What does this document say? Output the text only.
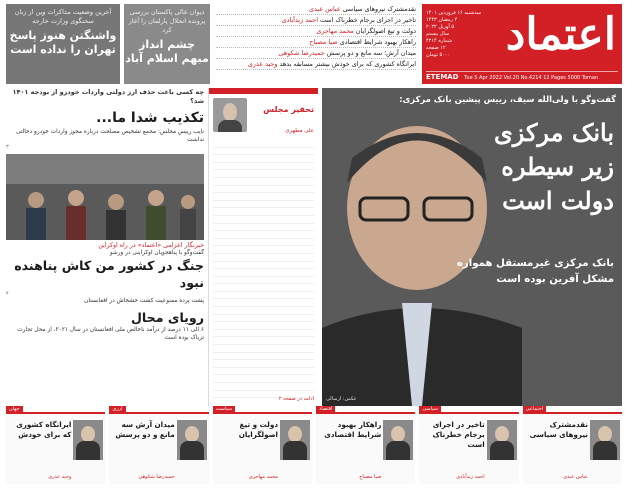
اعتماد
سه‌شنبه ۱۶ فروردین ۱۴۰۱
۴ رمضان ۱۴۴۳
۵ آوریل ۲۰۲۲
سال بیستم
شماره ۴۲۱۴
۱۲ صفحه
۵۰۰۰ تومان
ETEMAD Tue 5 Apr 2022 Vol.20 No.4214 12 Pages 5000 Toman
نقدمشترک نیروهای سیاسی عباس عبدی
تاخیر در اجرای برجام خطرناک است احمد زیدآبادی
دولت و تیغ اصولگرایان محمد مهاجری
راهکار بهبود شرایط اقتصادی ضیا مصباح
میدان آرش؛ سه مانع و دو پرسش حمیدرضا شکوهی
ایرانگاه کشوری که برای خودش بیشتر مسابقه بدهد وحید عذری
دیوان عالی پاکستان بررسی پرونده انحلال پارلمان را آغاز کرد
چشم انداز مبهم اسلام آباد
آخرین وضعیت مذاکرات وین از زبان سخنگوی وزارت خارجه
واشنگتن هنوز پاسخ تهران را نداده است
گفت‌وگو با ولی‌الله سیف، رییس پیشین بانک مرکزی:
بانک مرکزی زیر سیطره دولت است
بانک مرکزی غیرمستقل همواره مشکل آفرین بوده است
عکس: ارسالی
تحقیر مجلس
علی مطهری
ادامه در صفحه ۲
چه کسی باعث حذف ارز دولتی واردات خودرو از بودجه ۱۴۰۱ شد؟
تکذیب شدا ما...
نایب رییس مجلس: مجمع تشخیص مصلحت درباره مجوز واردات خودرو دخالتی نداشت
۳
خبرنگار اعزامی «اعتماد» در راه اوکراین
گفت‌وگو با پناهجویان اوکراینی در ورشو
جنگ در کشور من کاش پناهنده نبود
۴
پشت پرده ممنوعیت کشت خشخاش در افغانستان
رویای محال
۶ الی ۱۱ درصد از درآمد ناخالص ملی افغانستان در سال ۲۰۲۱، از محل تجارت تریاک بوده است
اجتماعی
نقدمشترک نیروهای سیاسی
عباس عبدی
سیاسی
تاخیر در اجرای برجام خطرناک است
احمد زیدآبادی
اقتصاد
راهکار بهبود شرایط اقتصادی
ضیا مصباح
سیاست
دولت و تیغ اصولگرایان
محمد مهاجری
ارزی
میدان آرش سه مانع و دو پرسش
حمیدرضا شکوهی
جهان
ایرانگاه کشوری که برای خودش
وحید عذری
